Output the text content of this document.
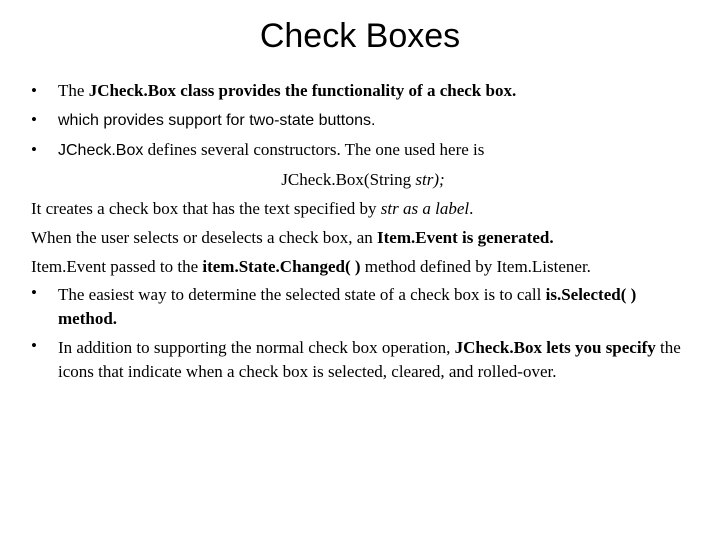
Check Boxes
• The JCheck.Box class provides the functionality of a check box.
• which provides support for two-state buttons.
• JCheck.Box defines several constructors. The one used here is
JCheck.Box(String str);
It creates a check box that has the text specified by str as a label.
When the user selects or deselects a check box, an Item.Event is generated.
Item.Event passed to the item.State.Changed( ) method defined by Item.Listener.
• The easiest way to determine the selected state of a check box is to call is.Selected( ) method.
• In addition to supporting the normal check box operation, JCheck.Box lets you specify the icons that indicate when a check box is selected, cleared, and rolled-over.
